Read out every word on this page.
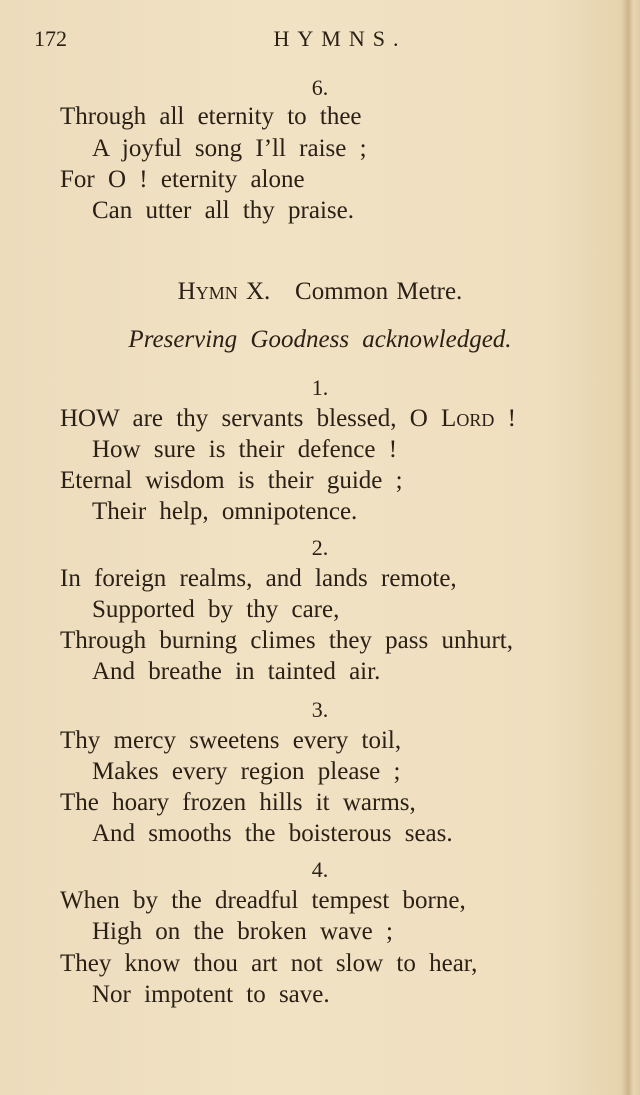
172	HYMNS.
6.
Through all eternity to thee
A joyful song I’ll raise ;
For O ! eternity alone
Can utter all thy praise.
Hymn X. Common Metre.
Preserving Goodness acknowledged.
1.
HOW are thy servants blessed, O Lord !
How sure is their defence !
Eternal wisdom is their guide ;
Their help, omnipotence.
2.
In foreign realms, and lands remote,
Supported by thy care,
Through burning climes they pass unhurt,
And breathe in tainted air.
3.
Thy mercy sweetens every toil,
Makes every region please ;
The hoary frozen hills it warms,
And smooths the boisterous seas.
4.
When by the dreadful tempest borne,
High on the broken wave ;
They know thou art not slow to hear,
Nor impotent to save.
